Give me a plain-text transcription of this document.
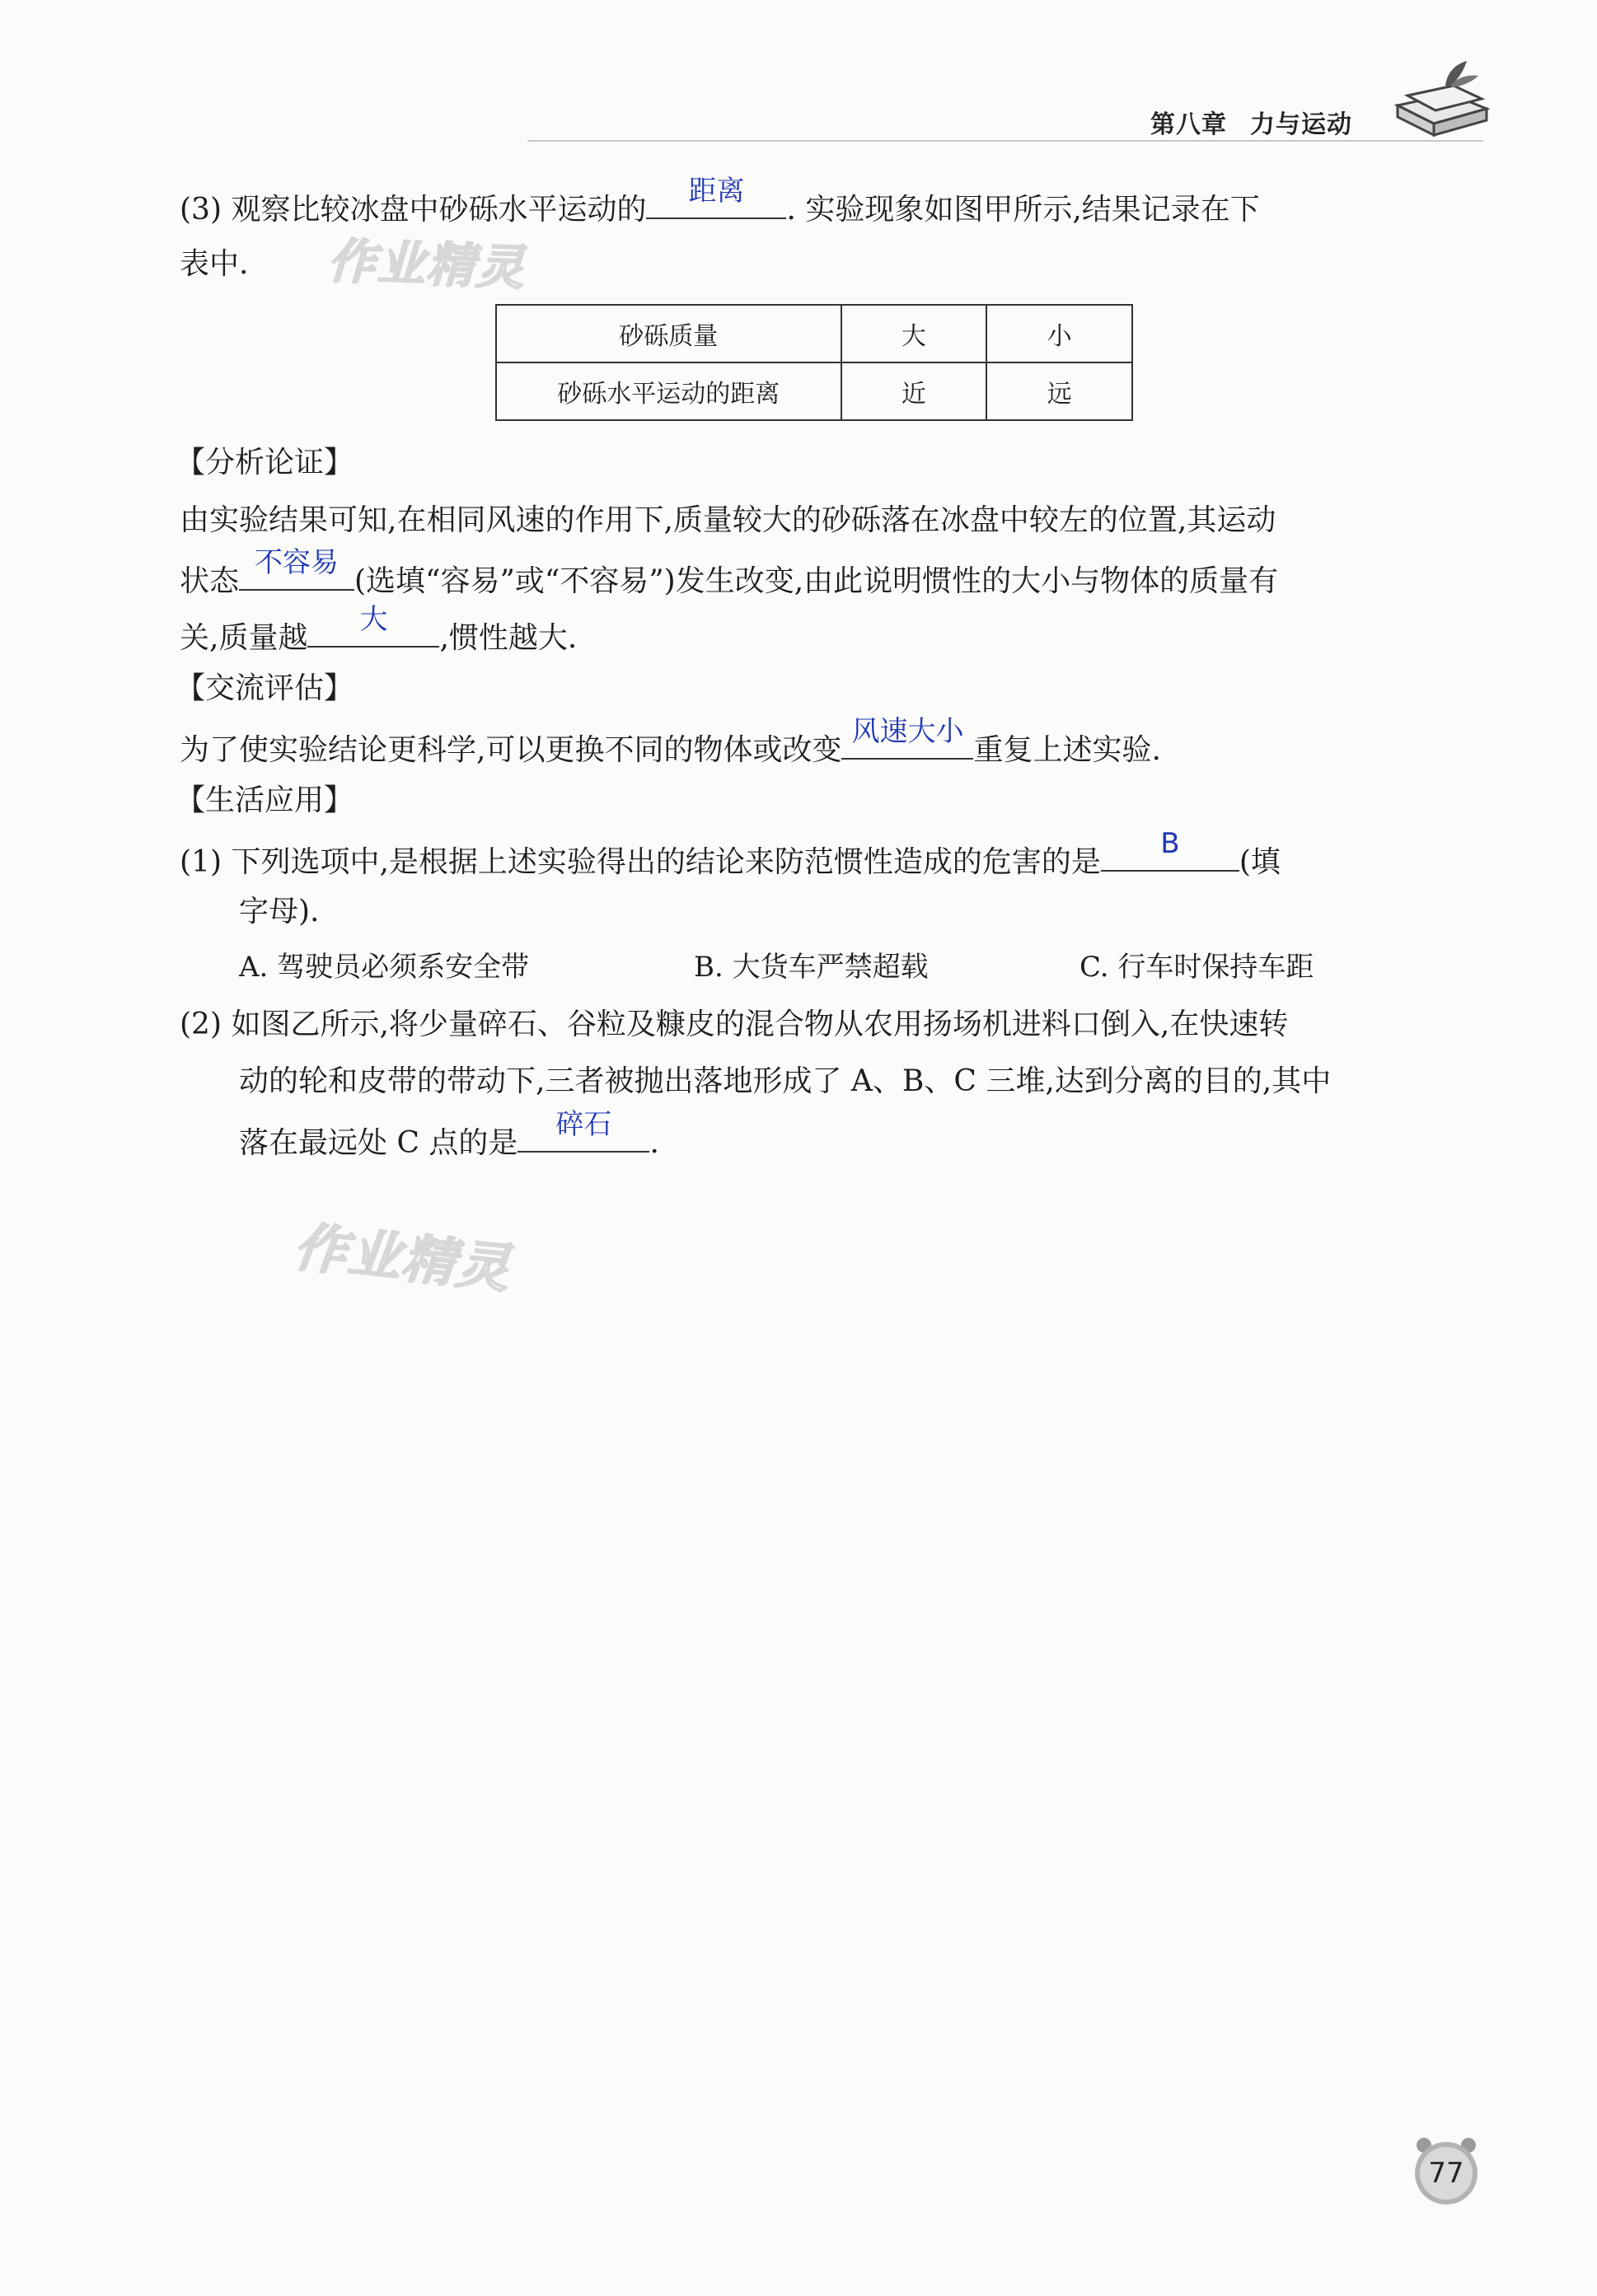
第八章 力与运动
(3) 观察比较冰盘中砂砾水平运动的
距离
. 实验现象如图甲所示,结果记录在下
表中. 作业精灵
砂砾质量	大	小
砂砾水平运动的距离	近	远
【分析论证】
由实验结果可知,在相同风速的作用下,质量较大的砂砾落在冰盘中较左的位置,其运动
状态
不容易
(选填“容易”或“不容易”)发生改变,由此说明惯性的大小与物体的质量有
关,质量越
大
,惯性越大.
【交流评估】
为了使实验结论更科学,可以更换不同的物体或改变
风速大小
重复上述实验.
【生活应用】
(1) 下列选项中,是根据上述实验得出的结论来防范惯性造成的危害的是
B
(填
字母).
A. 驾驶员必须系安全带	B. 大货车严禁超载	C. 行车时保持车距
(2) 如图乙所示,将少量碎石、谷粒及糠皮的混合物从农用扬场机进料口倒入,在快速转
动的轮和皮带的带动下,三者被抛出落地形成了 A、B、C 三堆,达到分离的目的,其中
落在最远处 C 点的是
碎石
.
作业精灵
77
